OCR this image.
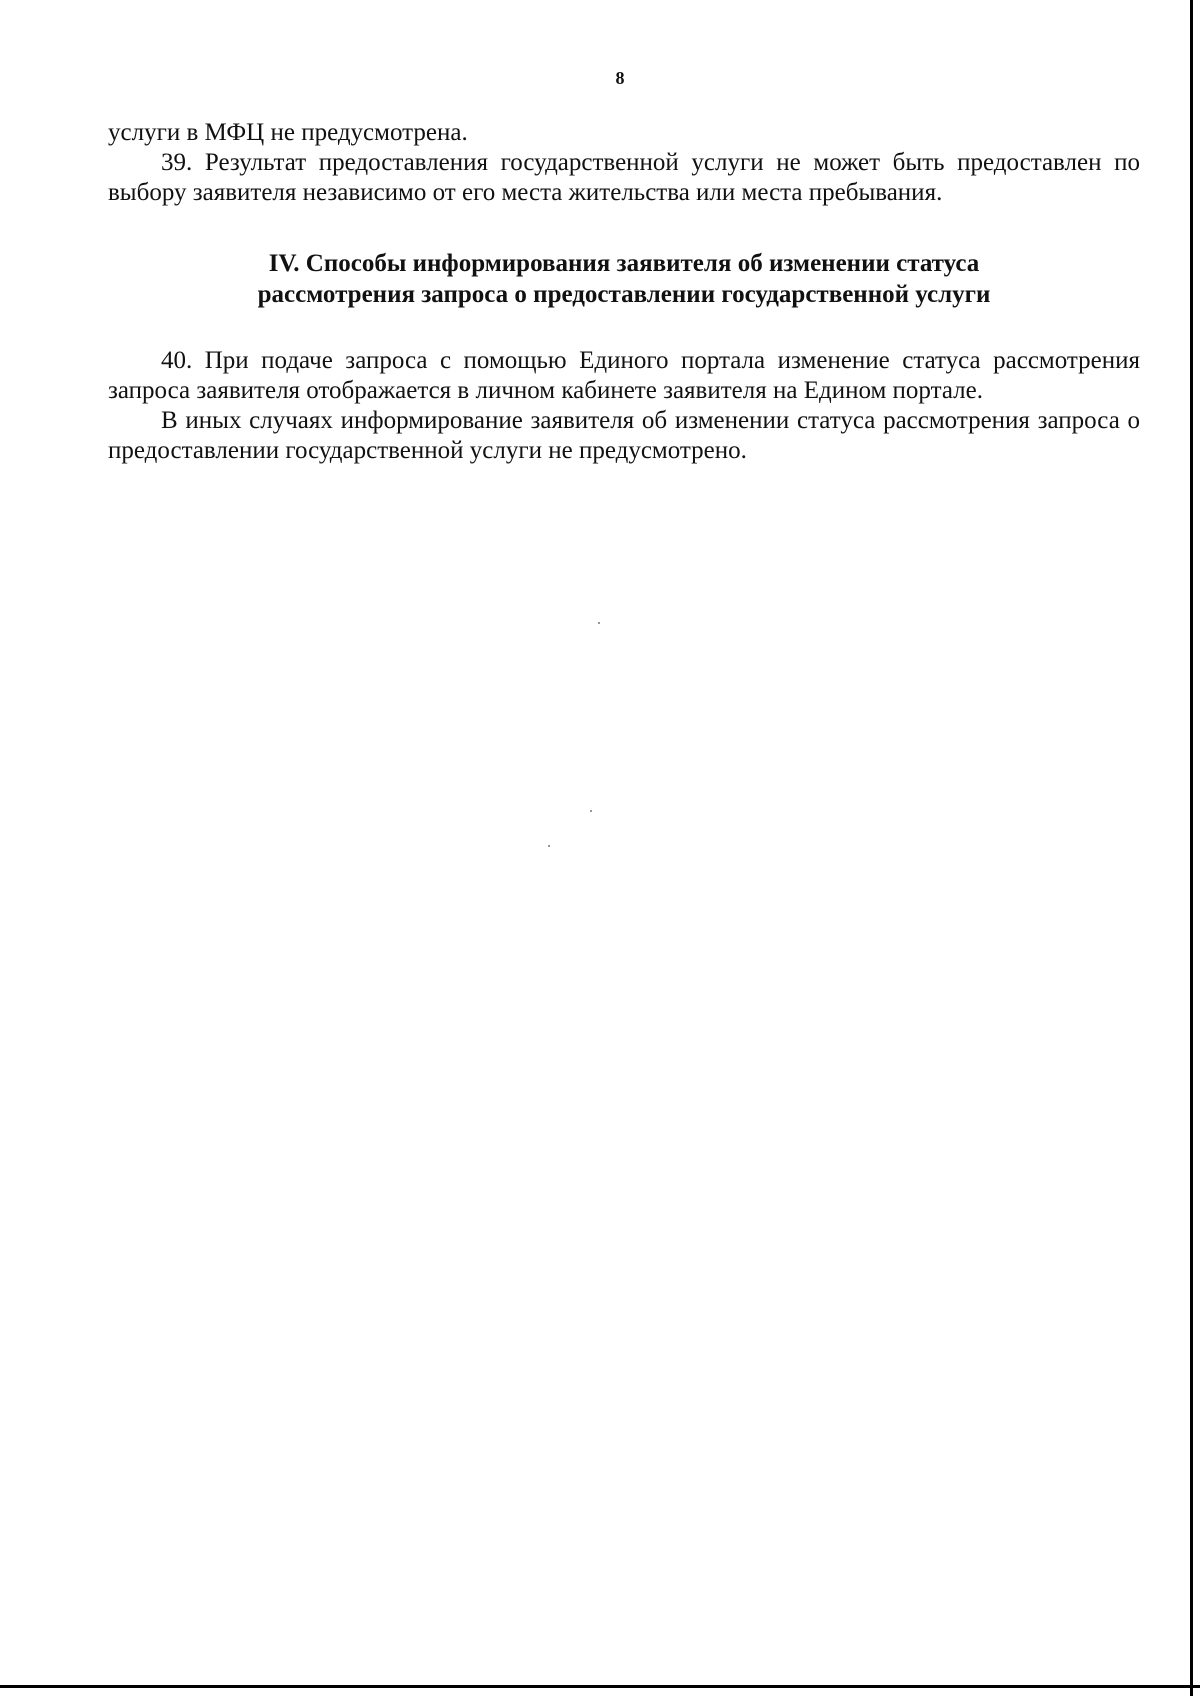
8

услуги в МФЦ не предусмотрена.

39. Результат предоставления государственной услуги не может быть предоставлен по выбору заявителя независимо от его места жительства или места пребывания.

IV. Способы информирования заявителя об изменении статуса
рассмотрения запроса о предоставлении государственной услуги

40. При подаче запроса с помощью Единого портала изменение статуса рассмотрения запроса заявителя отображается в личном кабинете заявителя на Едином портале.

В иных случаях информирование заявителя об изменении статуса рассмотрения запроса о предоставлении государственной услуги не предусмотрено.
